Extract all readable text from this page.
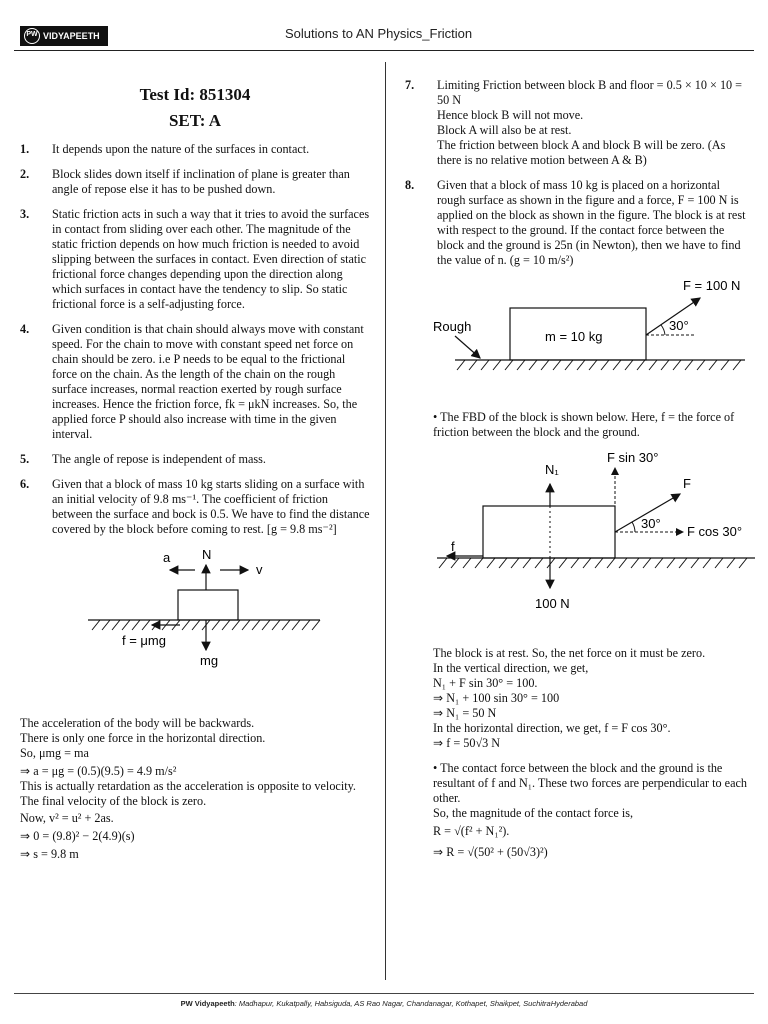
PW VIDYAPEETH	Solutions to AN Physics_Friction
Test Id: 851304
SET: A
1.	It depends upon the nature of the surfaces in contact.
2.	Block slides down itself if inclination of plane is greater than angle of repose else it has to be pushed down.
3.	Static friction acts in such a way that it tries to avoid the surfaces in contact from sliding over each other. The magnitude of the static friction depends on how much friction is needed to avoid slipping between the surfaces in contact. Even direction of static frictional force changes depending upon the direction along which surfaces in contact have the tendency to slip. So static frictional force is a self-adjusting force.
4.	Given condition is that chain should always move with constant speed. For the chain to move with constant speed net force on chain should be zero. i.e P needs to be equal to the frictional force on the chain. As the length of the chain on the rough surface increases, normal reaction exerted by rough surface increases. Hence the friction force, fk = μkN increases. So, the applied force P should also increase with time in the given interval.
5.	The angle of repose is independent of mass.
6.	Given that a block of mass 10 kg starts sliding on a surface with an initial velocity of 9.8 ms⁻¹. The coefficient of friction between the surface and bock is 0.5. We have to find the distance covered by the block before coming to rest. [g = 9.8 ms⁻²]
a N
v
f = μmg
mg
The acceleration of the body will be backwards.
There is only one force in the horizontal direction.
So, μmg = ma
⇒ a = μg = (0.5)(9.5) = 4.9 m/s²
This is actually retardation as the acceleration is opposite to velocity.
The final velocity of the block is zero.
Now, v² = u² + 2as.
⇒ 0 = (9.8)² − 2(4.9)(s)
⇒ s = 9.8 m
7.	Limiting Friction between block B and floor = 0.5 × 10 × 10 = 50 N
Hence block B will not move.
Block A will also be at rest.
The friction between block A and block B will be zero. (As there is no relative motion between A & B)
8.	Given that a block of mass 10 kg is placed on a horizontal rough surface as shown in the figure and a force, F = 100 N is applied on the block as shown in the figure. The block is at rest with respect to the ground. If the contact force between the block and the ground is 25n (in Newton), then we have to find the value of n. (g = 10 m/s²)
F = 100 N
Rough
m = 10 kg
30°
• The FBD of the block is shown below. Here, f = the force of friction between the block and the ground.
F sin 30°
N₁
F
30°
F cos 30°
f
100 N
The block is at rest. So, the net force on it must be zero.
In the vertical direction, we get,
N₁ + F sin 30° = 100.
⇒ N₁ + 100 sin 30° = 100
⇒ N₁ = 50 N
In the horizontal direction, we get, f = F cos 30°.
⇒ f = 50√3 N
• The contact force between the block and the ground is the resultant of f and N₁. These two forces are perpendicular to each other.
So, the magnitude of the contact force is,
R = √(f² + N₁²).
⇒ R = √(50² + (50√3)²)
PW Vidyapeeth: Madhapur, Kukatpally, Habsiguda, AS Rao Nagar, Chandanagar, Kothapet, Shaikpet, SuchitraHyderabad
